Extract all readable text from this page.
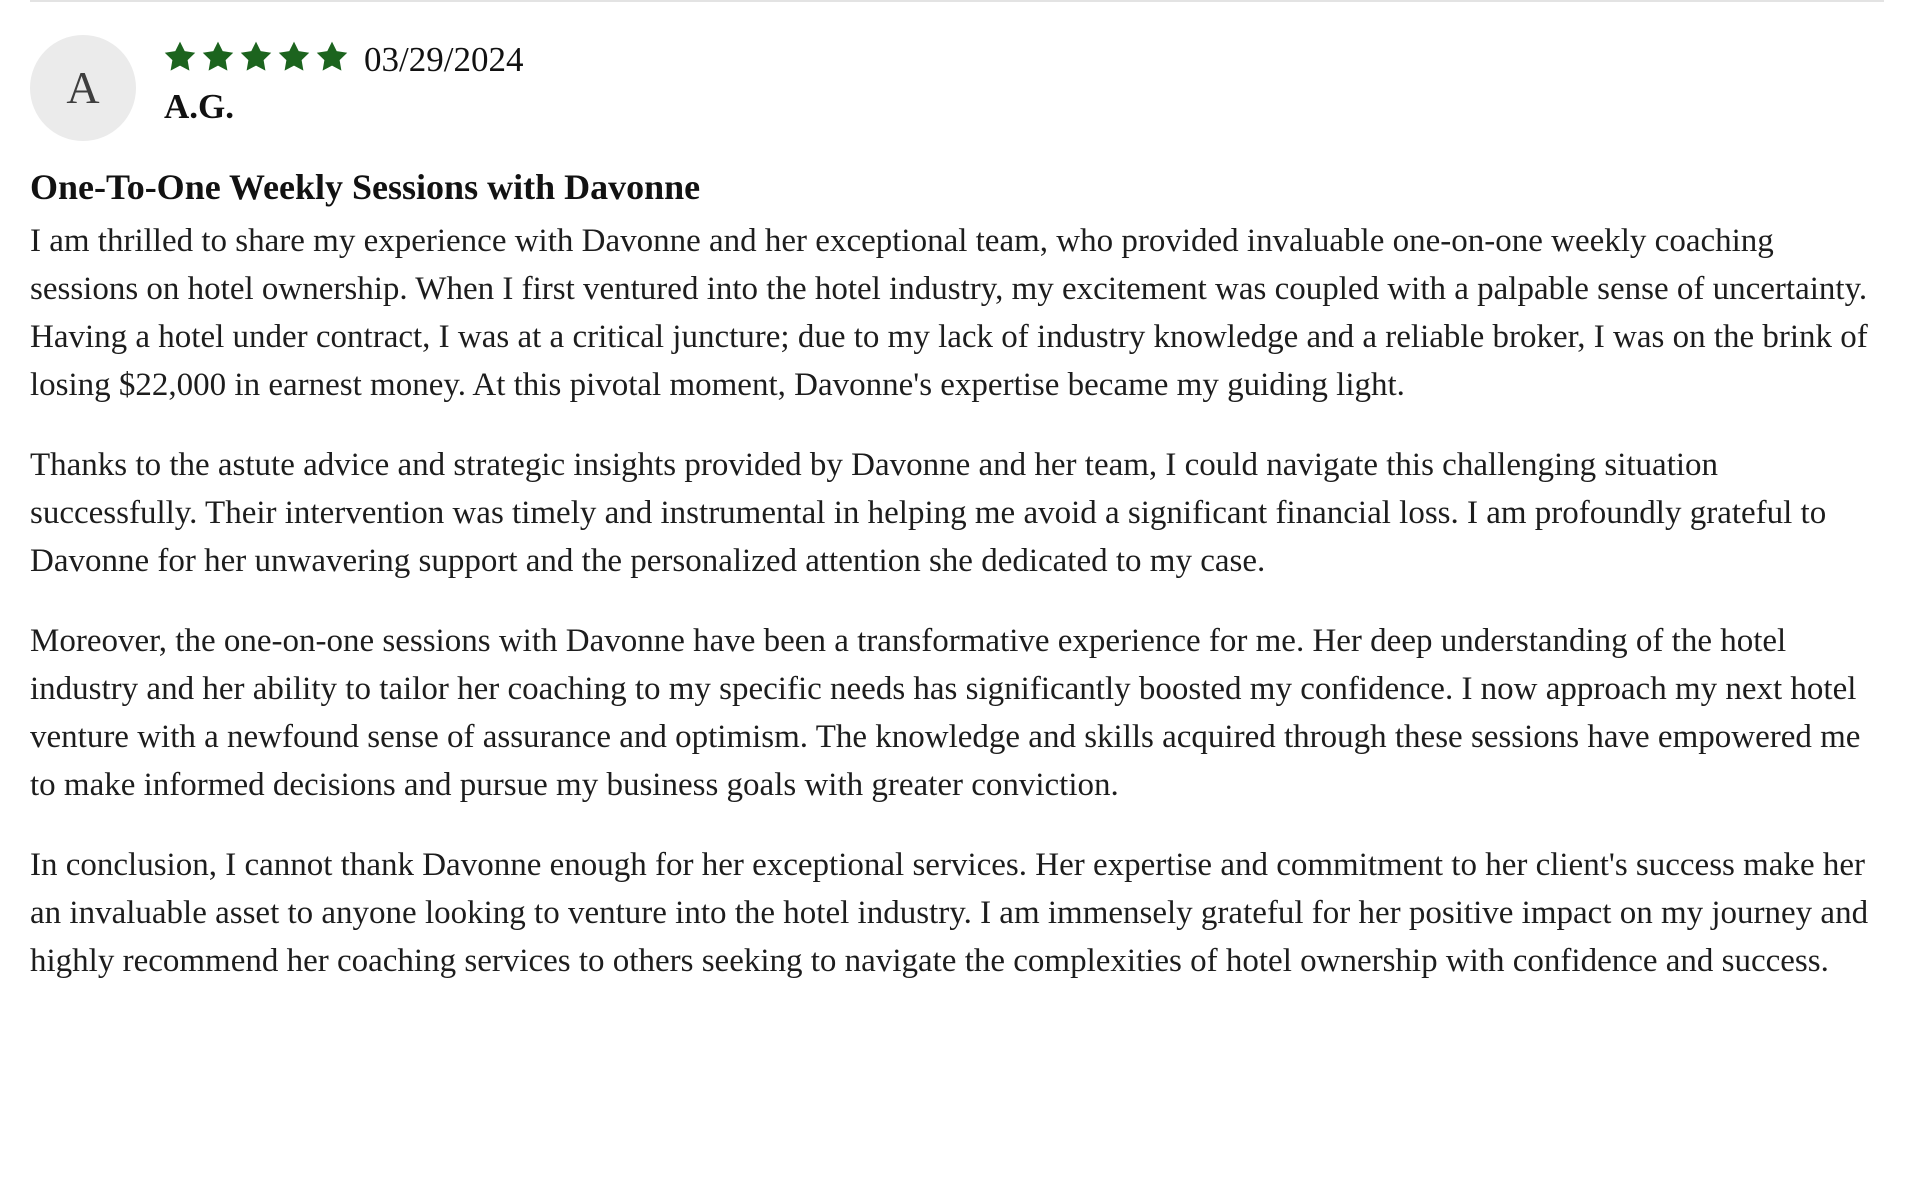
A
03/29/2024
A.G.
One-To-One Weekly Sessions with Davonne

I am thrilled to share my experience with Davonne and her exceptional team, who provided invaluable one-on-one weekly coaching sessions on hotel ownership. When I first ventured into the hotel industry, my excitement was coupled with a palpable sense of uncertainty. Having a hotel under contract, I was at a critical juncture; due to my lack of industry knowledge and a reliable broker, I was on the brink of losing $22,000 in earnest money. At this pivotal moment, Davonne's expertise became my guiding light.

Thanks to the astute advice and strategic insights provided by Davonne and her team, I could navigate this challenging situation successfully. Their intervention was timely and instrumental in helping me avoid a significant financial loss. I am profoundly grateful to Davonne for her unwavering support and the personalized attention she dedicated to my case.

Moreover, the one-on-one sessions with Davonne have been a transformative experience for me. Her deep understanding of the hotel industry and her ability to tailor her coaching to my specific needs has significantly boosted my confidence. I now approach my next hotel venture with a newfound sense of assurance and optimism. The knowledge and skills acquired through these sessions have empowered me to make informed decisions and pursue my business goals with greater conviction.

In conclusion, I cannot thank Davonne enough for her exceptional services. Her expertise and commitment to her client's success make her an invaluable asset to anyone looking to venture into the hotel industry. I am immensely grateful for her positive impact on my journey and highly recommend her coaching services to others seeking to navigate the complexities of hotel ownership with confidence and success.
